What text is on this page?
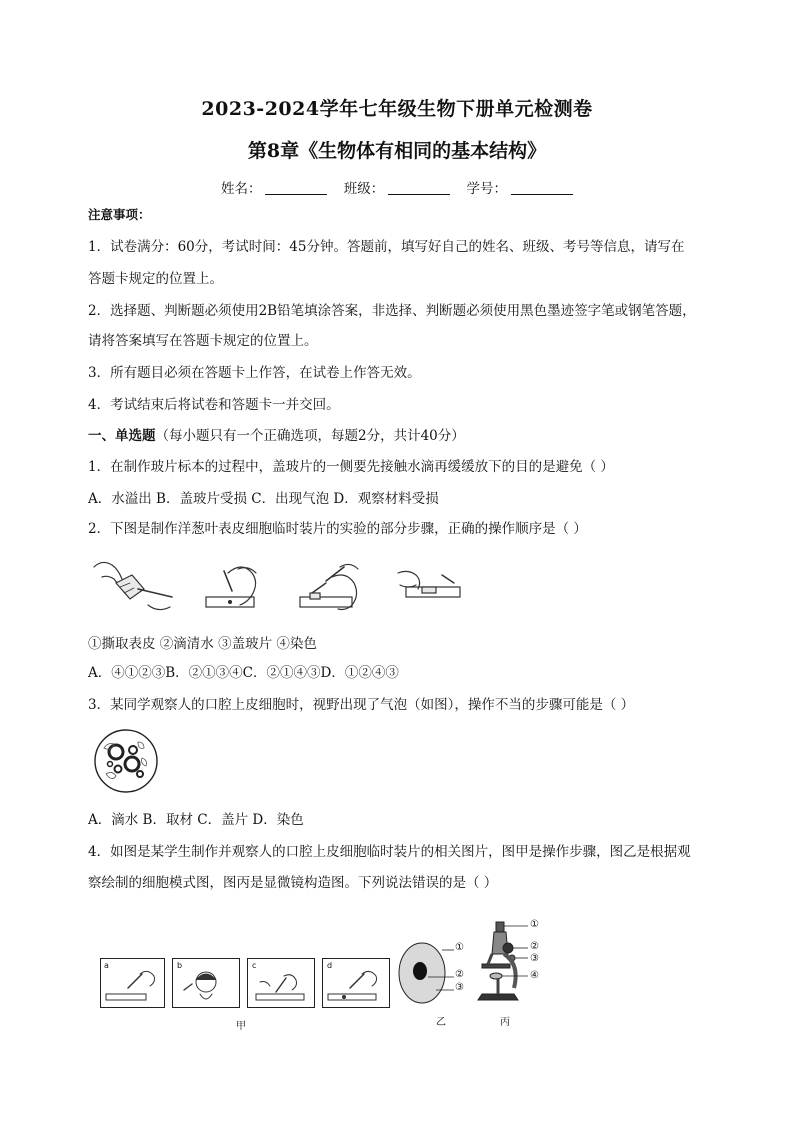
2023-2024学年七年级生物下册单元检测卷
第8章《生物体有相同的基本结构》
姓名：	班级：	学号：
注意事项：
1．试卷满分：60分，考试时间：45分钟。答题前，填写好自己的姓名、班级、考号等信息，请写在
答题卡规定的位置上。
2．选择题、判断题必须使用2B铅笔填涂答案，非选择、判断题必须使用黑色墨迹签字笔或钢笔答题，
请将答案填写在答题卡规定的位置上。
3．所有题目必须在答题卡上作答，在试卷上作答无效。
4．考试结束后将试卷和答题卡一并交回。
一、单选题（每小题只有一个正确选项，每题2分，共计40分）
1．在制作玻片标本的过程中，盖玻片的一侧要先接触水滴再缓缓放下的目的是避免（ ）
A．水溢出 B．盖玻片受损 C．出现气泡 D．观察材料受损
2．下图是制作洋葱叶表皮细胞临时装片的实验的部分步骤，正确的操作顺序是（ ）
①撕取表皮 ②滴清水 ③盖玻片 ④染色
A．④①②③B．②①③④C．②①④③D．①②④③
3．某同学观察人的口腔上皮细胞时，视野出现了气泡（如图），操作不当的步骤可能是（ ）
A．滴水 B．取材 C．盖片 D．染色
4．如图是某学生制作并观察人的口腔上皮细胞临时装片的相关图片，图甲是操作步骤，图乙是根据观
察绘制的细胞模式图，图丙是显微镜构造图。下列说法错误的是（ ）
a	b	c	d
甲
①
②
③
乙
①
②
③
④
丙
